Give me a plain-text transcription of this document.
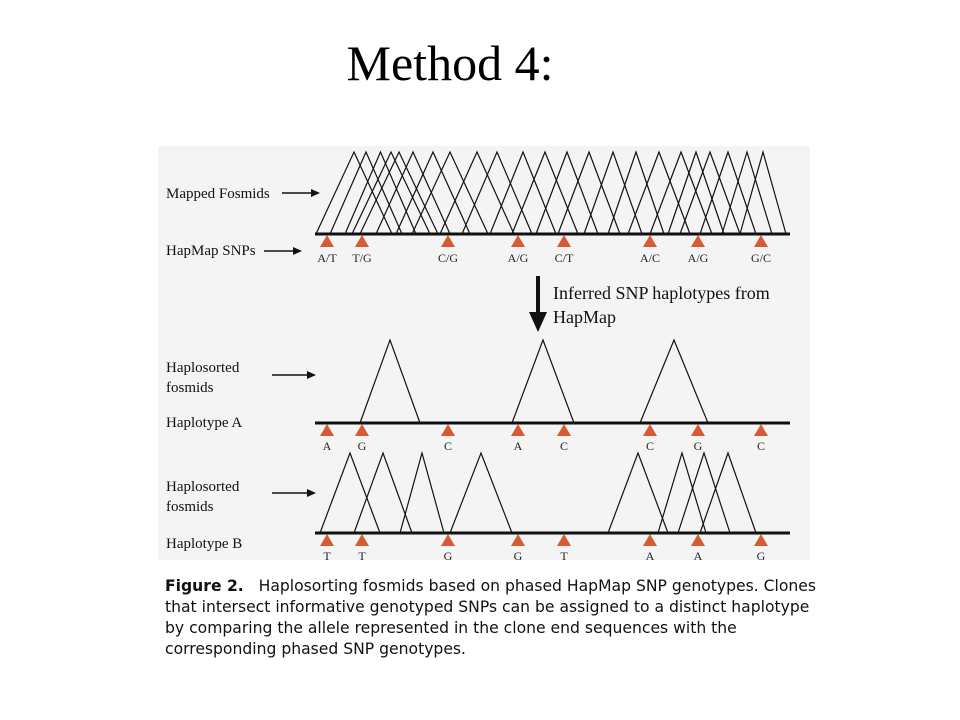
Method 4:
A/T T/G	C/G	A/G C/T	A/C A/G	G/C
A G	C	A	C	C	G	C
T T	G	G	T	A	A	G
Mapped Fosmids
HapMap SNPs
Haplosorted fosmids
Haplotype A
Haplosorted fosmids
Haplotype B
Inferred SNP haplotypes from HapMap
Figure 2. Haplosorting fosmids based on phased HapMap SNP genotypes. Clones that intersect informative genotyped SNPs can be assigned to a distinct haplotype by comparing the allele represented in the clone end sequences with the corresponding phased SNP genotypes.
